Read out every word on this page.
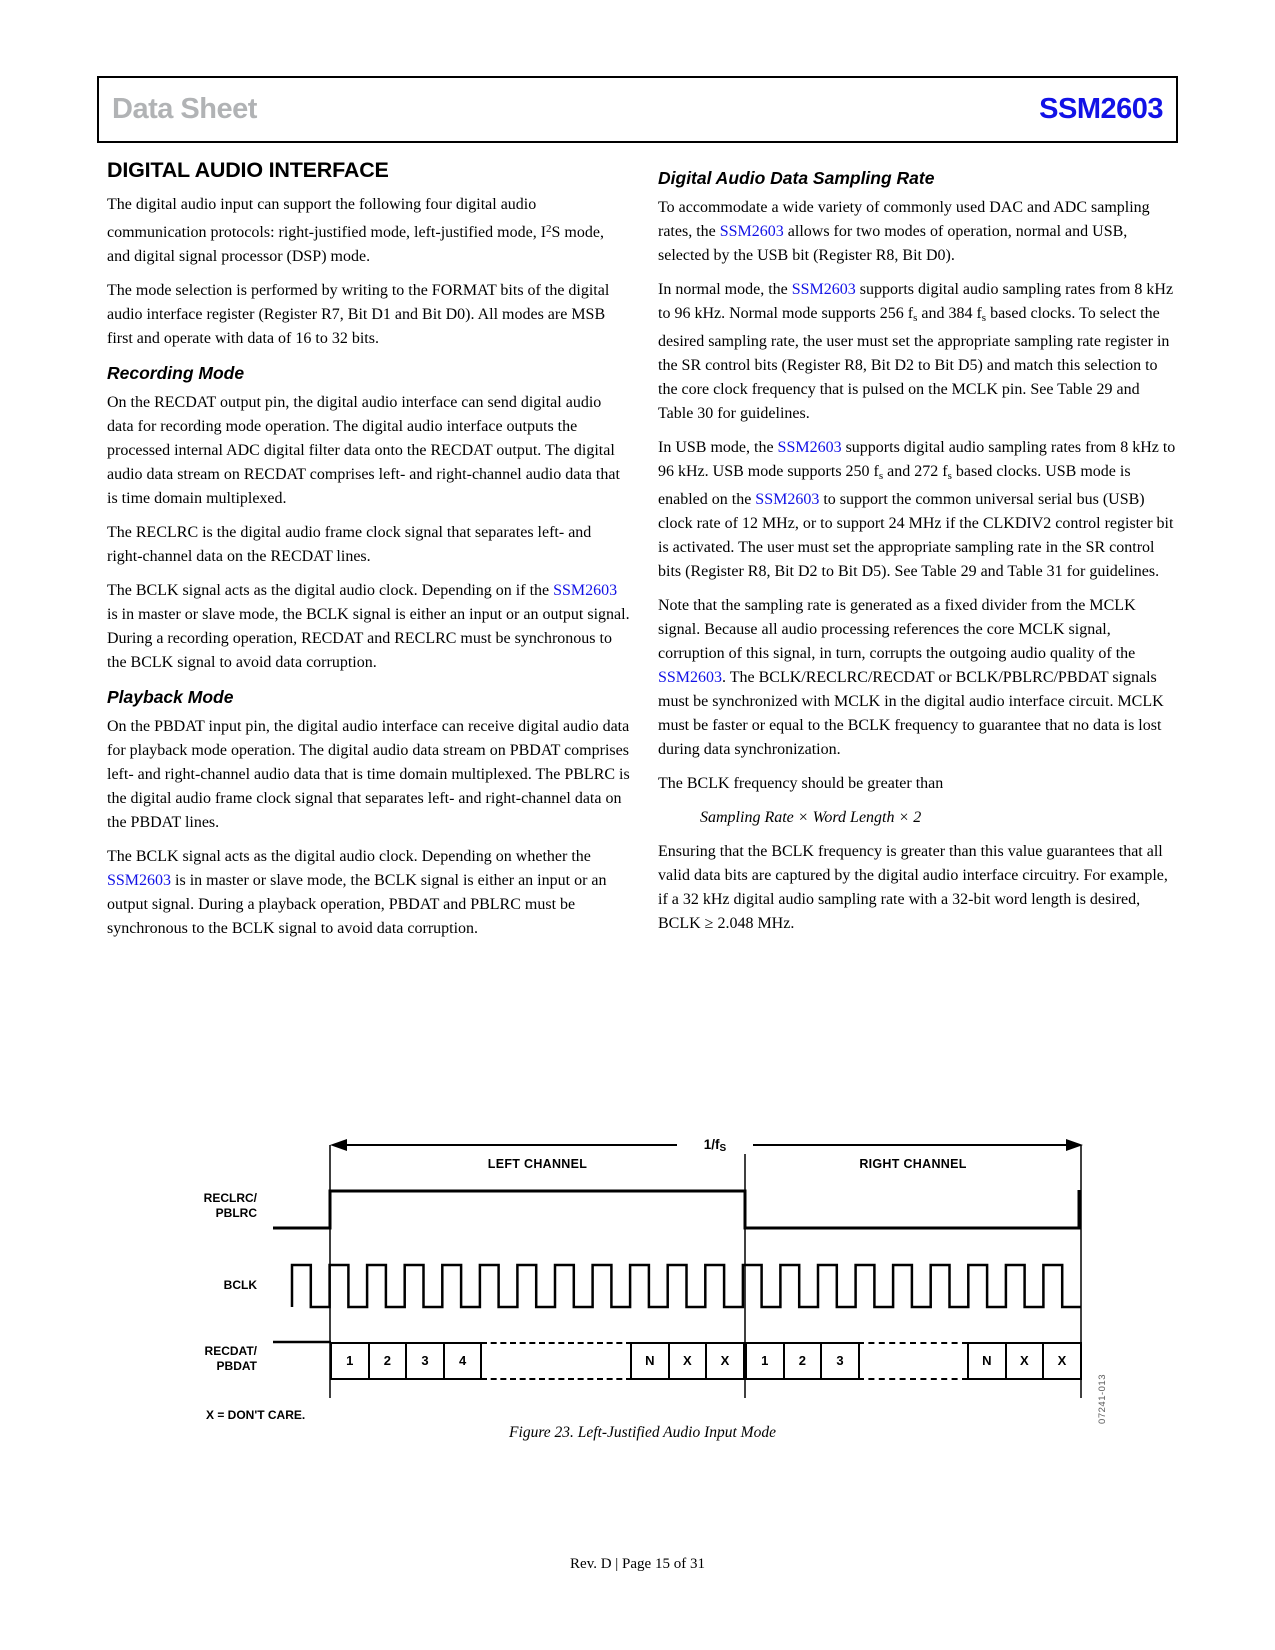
Data Sheet	SSM2603
DIGITAL AUDIO INTERFACE

The digital audio input can support the following four digital audio communication protocols: right-justified mode, left-justified mode, $I^2S$ mode, and digital signal processor (DSP) mode.

The mode selection is performed by writing to the FORMAT bits of the digital audio interface register (Register R7, Bit D1 and Bit D0). All modes are MSB first and operate with data of 16 to 32 bits.

Recording Mode

On the RECDAT output pin, the digital audio interface can send digital audio data for recording mode operation. The digital audio interface outputs the processed internal ADC digital filter data onto the RECDAT output. The digital audio data stream on RECDAT comprises left- and right-channel audio data that is time domain multiplexed.

The RECLRC is the digital audio frame clock signal that separates left- and right-channel data on the RECDAT lines.

The BCLK signal acts as the digital audio clock. Depending on if the SSM2603 is in master or slave mode, the BCLK signal is either an input or an output signal. During a recording operation, RECDAT and RECLRC must be synchronous to the BCLK signal to avoid data corruption.

Playback Mode

On the PBDAT input pin, the digital audio interface can receive digital audio data for playback mode operation. The digital audio data stream on PBDAT comprises left- and right-channel audio data that is time domain multiplexed. The PBLRC is the digital audio frame clock signal that separates left- and right-channel data on the PBDAT lines.

The BCLK signal acts as the digital audio clock. Depending on whether the SSM2603 is in master or slave mode, the BCLK signal is either an input or an output signal. During a playback operation, PBDAT and PBLRC must be synchronous to the BCLK signal to avoid data corruption.

Digital Audio Data Sampling Rate

To accommodate a wide variety of commonly used DAC and ADC sampling rates, the SSM2603 allows for two modes of operation, normal and USB, selected by the USB bit (Register R8, Bit D0).

In normal mode, the SSM2603 supports digital audio sampling rates from 8 kHz to 96 kHz. Normal mode supports 256 fs and 384 fs based clocks. To select the desired sampling rate, the user must set the appropriate sampling rate register in the SR control bits (Register R8, Bit D2 to Bit D5) and match this selection to the core clock frequency that is pulsed on the MCLK pin. See Table 29 and Table 30 for guidelines.

In USB mode, the SSM2603 supports digital audio sampling rates from 8 kHz to 96 kHz. USB mode supports 250 fs and 272 fs based clocks. USB mode is enabled on the SSM2603 to support the common universal serial bus (USB) clock rate of 12 MHz, or to support 24 MHz if the CLKDIV2 control register bit is activated. The user must set the appropriate sampling rate in the SR control bits (Register R8, Bit D2 to Bit D5). See Table 29 and Table 31 for guidelines.

Note that the sampling rate is generated as a fixed divider from the MCLK signal. Because all audio processing references the core MCLK signal, corruption of this signal, in turn, corrupts the outgoing audio quality of the SSM2603. The BCLK/RECLRC/RECDAT or BCLK/PBLRC/PBDAT signals must be synchronized with MCLK in the digital audio interface circuit. MCLK must be faster or equal to the BCLK frequency to guarantee that no data is lost during data synchronization.

The BCLK frequency should be greater than

Sampling Rate × Word Length × 2

Ensuring that the BCLK frequency is greater than this value guarantees that all valid data bits are captured by the digital audio interface circuitry. For example, if a 32 kHz digital audio sampling rate with a 32-bit word length is desired, BCLK ≥ 2.048 MHz.

RECLRC/
PBLRC
BCLK
RECDAT/
PBDAT
LEFT CHANNEL	RIGHT CHANNEL
1/fS
X = DON'T CARE.	07241-013
Figure 23. Left-Justified Audio Input Mode
1	2	3	4	N	X	X	1	2	3	N	X	X
Rev. D | Page 15 of 31
